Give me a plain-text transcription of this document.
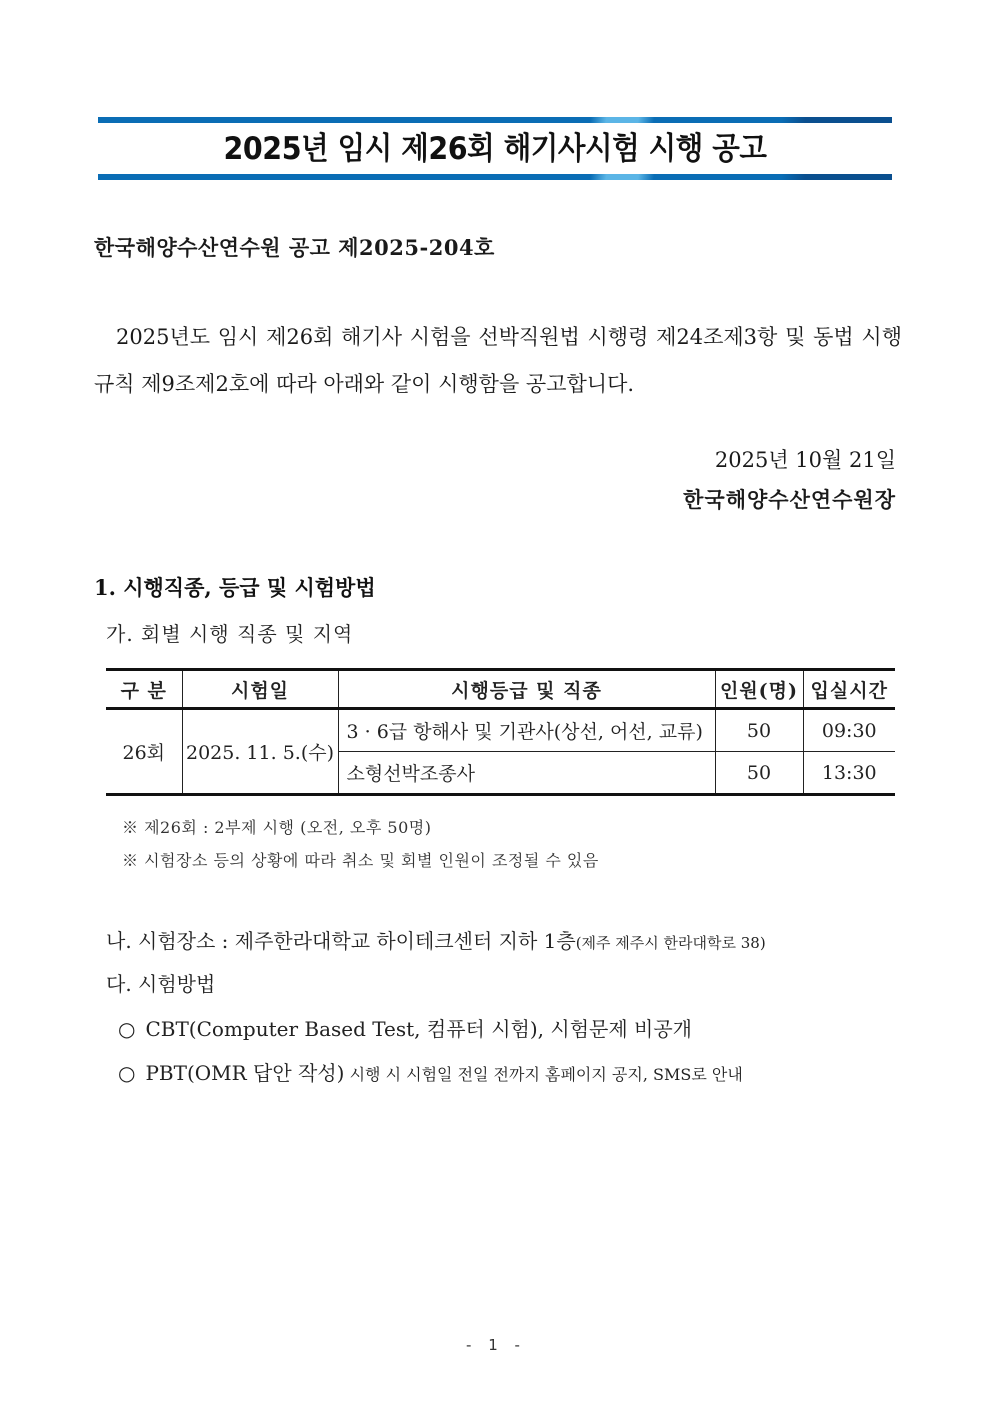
2025년 임시 제26회 해기사시험 시행 공고
한국해양수산연수원 공고 제2025-204호
2025년도 임시 제26회 해기사 시험을 선박직원법 시행령 제24조제3항 및 동법 시행규칙 제9조제2호에 따라 아래와 같이 시행함을 공고합니다.
2025년 10월 21일
한국해양수산연수원장
1. 시행직종, 등급 및 시험방법
가. 회별 시행 직종 및 지역
구 분	시험일	시행등급 및 직종	인원(명)	입실시간
26회	2025. 11. 5.(수)	3 · 6급 항해사 및 기관사(상선, 어선, 교류)	50	09:30
		소형선박조종사	50	13:30
※ 제26회 : 2부제 시행 (오전, 오후 50명)
※ 시험장소 등의 상황에 따라 취소 및 회별 인원이 조정될 수 있음
나. 시험장소 : 제주한라대학교 하이테크센터 지하 1층(제주 제주시 한라대학로 38)
다. 시험방법
○ CBT(Computer Based Test, 컴퓨터 시험), 시험문제 비공개
○ PBT(OMR 답안 작성) 시행 시 시험일 전일 전까지 홈페이지 공지, SMS로 안내
- 1 -
